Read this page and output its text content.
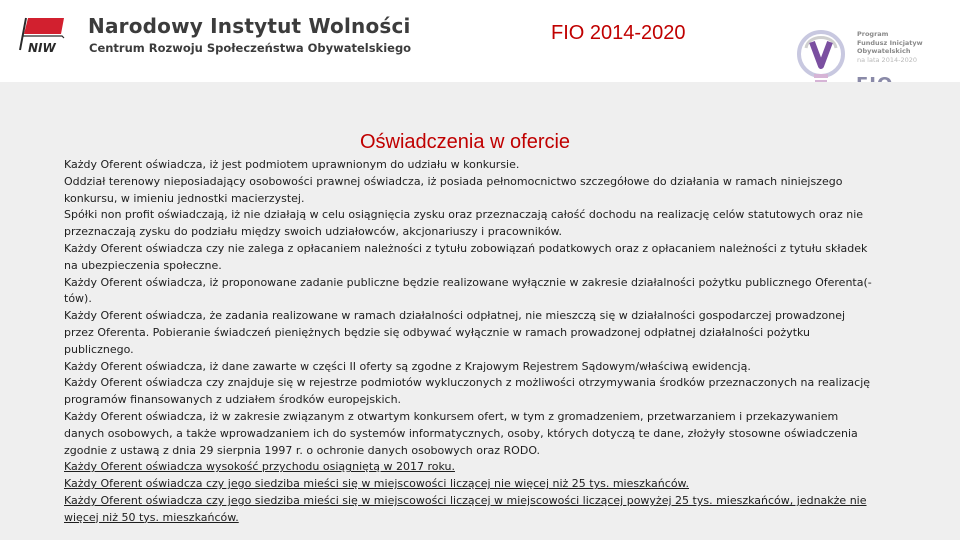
NIW
Narodowy Instytut Wolności
Centrum Rozwoju Społeczeństwa Obywatelskiego
FIO 2014-2020	Program
Fundusz Inicjatyw
Obywatelskich
na lata 2014-2020
Oświadczenia w ofercie

Każdy Oferent oświadcza, iż jest podmiotem uprawnionym do udziału w konkursie.

Oddział terenowy nieposiadający osobowości prawnej oświadcza, iż posiada pełnomocnictwo szczegółowe do działania w ramach niniejszego konkursu, w imieniu jednostki macierzystej.

Spółki non profit oświadczają, iż nie działają w celu osiągnięcia zysku oraz przeznaczają całość dochodu na realizację celów statutowych oraz nie przeznaczają zysku do podziału między swoich udziałowców, akcjonariuszy i pracowników.

Każdy Oferent oświadcza czy nie zalega z opłacaniem należności z tytułu zobowiązań podatkowych oraz z opłacaniem należności z tytułu składek na ubezpieczenia społeczne.

Każdy Oferent oświadcza, iż proponowane zadanie publiczne będzie realizowane wyłącznie w zakresie działalności pożytku publicznego Oferenta(-tów).

Każdy Oferent oświadcza, że zadania realizowane w ramach działalności odpłatnej, nie mieszczą się w działalności gospodarczej prowadzonej przez Oferenta. Pobieranie świadczeń pieniężnych będzie się odbywać wyłącznie w ramach prowadzonej odpłatnej działalności pożytku publicznego.

Każdy Oferent oświadcza, iż dane zawarte w części II oferty są zgodne z Krajowym Rejestrem Sądowym/właściwą ewidencją.

Każdy Oferent oświadcza czy znajduje się w rejestrze podmiotów wykluczonych z możliwości otrzymywania środków przeznaczonych na realizację programów finansowanych z udziałem środków europejskich.

Każdy Oferent oświadcza, iż w zakresie związanym z otwartym konkursem ofert, w tym z gromadzeniem, przetwarzaniem i przekazywaniem danych osobowych, a także wprowadzaniem ich do systemów informatycznych, osoby, których dotyczą te dane, złożyły stosowne oświadczenia zgodnie z ustawą z dnia 29 sierpnia 1997 r. o ochronie danych osobowych oraz RODO.

Każdy Oferent oświadcza wysokość przychodu osiągniętą w 2017 roku.

Każdy Oferent oświadcza czy jego siedziba mieści się w miejscowości liczącej nie więcej niż 25 tys. mieszkańców.

Każdy Oferent oświadcza czy jego siedziba mieści się w miejscowości liczącej w miejscowości liczącej powyżej 25 tys. mieszkańców, jednakże nie więcej niż 50 tys. mieszkańców.
